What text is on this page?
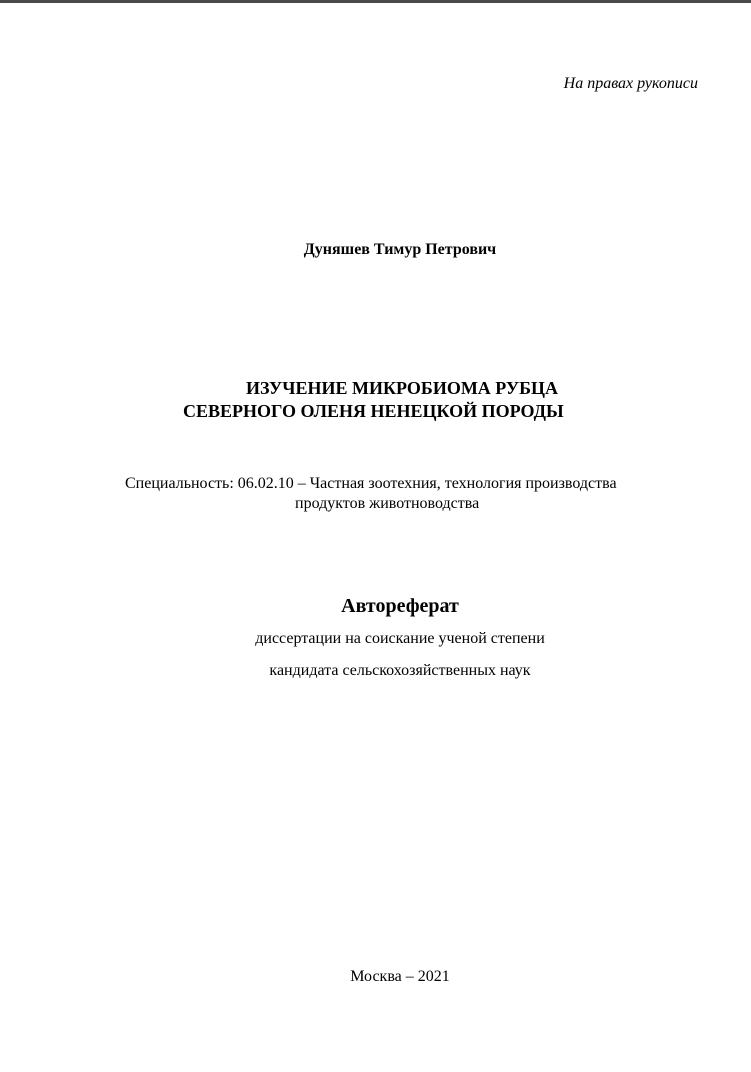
На правах рукописи
Дуняшев Тимур Петрович
ИЗУЧЕНИЕ МИКРОБИОМА РУБЦА
СЕВЕРНОГО ОЛЕНЯ НЕНЕЦКОЙ ПОРОДЫ
Специальность: 06.02.10 – Частная зоотехния, технология производства
продуктов животноводства
Автореферат
диссертации на соискание ученой степени
кандидата сельскохозяйственных наук
Москва – 2021
